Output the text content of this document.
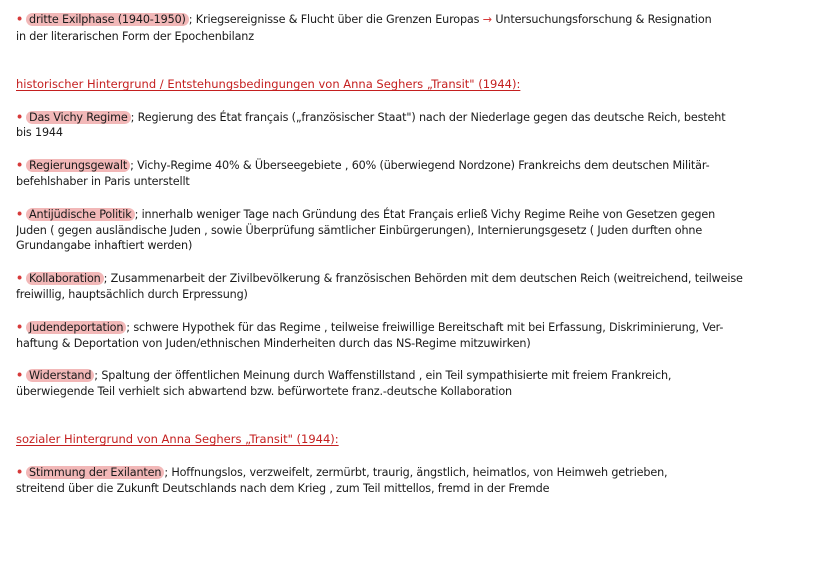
• dritte Exilphase (1940-1950) ; Kriegsereignisse & Flucht über die Grenzen Europas → Untersuchungsforschung & Resignation
in der literarischen Form der Epochenbilanz
historischer Hintergrund / Entstehungsbedingungen von Anna Seghers „Transit" (1944):
• Das Vichy Regime ; Regierung des État français („französischer Staat") nach der Niederlage gegen das deutsche Reich, besteht
bis 1944
• Regierungsgewalt ; Vichy-Regime 40% & Überseegebiete , 60% (überwiegend Nordzone) Frankreichs dem deutschen Militär-
befehlshaber in Paris unterstellt
• Antijüdische Politik ; innerhalb weniger Tage nach Gründung des État Français erließ Vichy Regime Reihe von Gesetzen gegen
Juden ( gegen ausländische Juden , sowie Überprüfung sämtlicher Einbürgerungen), Internierungsgesetz ( Juden durften ohne
Grundangabe inhaftiert werden)
• Kollaboration ; Zusammenarbeit der Zivilbevölkerung & französischen Behörden mit dem deutschen Reich (weitreichend, teilweise
freiwillig, hauptsächlich durch Erpressung)
• Judendeportation ; schwere Hypothek für das Regime , teilweise freiwillige Bereitschaft mit bei Erfassung, Diskriminierung, Ver-
haftung & Deportation von Juden/ethnischen Minderheiten durch das NS-Regime mitzuwirken)
• Widerstand ; Spaltung der öffentlichen Meinung durch Waffenstillstand , ein Teil sympathisierte mit freiem Frankreich,
überwiegende Teil verhielt sich abwartend bzw. befürwortete franz.-deutsche Kollaboration
sozialer Hintergrund von Anna Seghers „Transit" (1944):
• Stimmung der Exilanten ; Hoffnungslos, verzweifelt, zermürbt, traurig, ängstlich, heimatlos, von Heimweh getrieben,
streitend über die Zukunft Deutschlands nach dem Krieg , zum Teil mittellos, fremd in der Fremde
